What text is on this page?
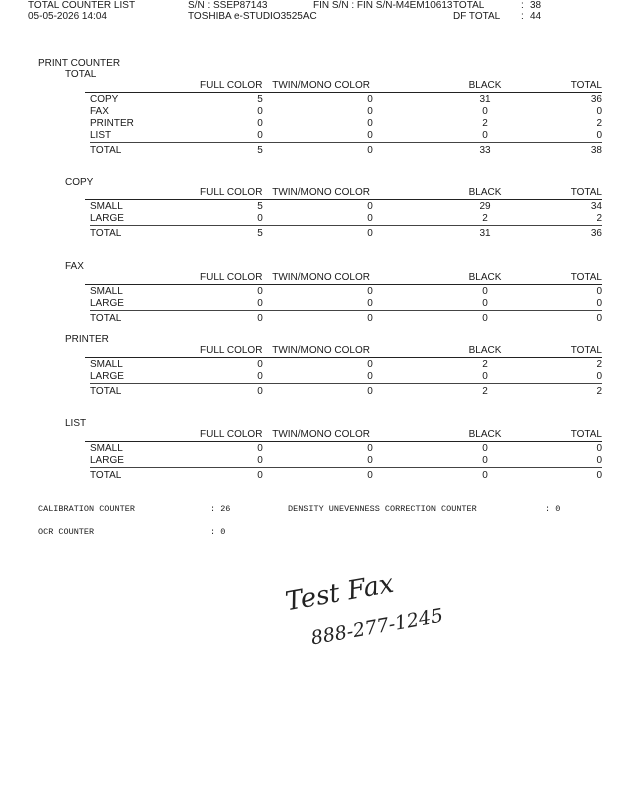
TOTAL COUNTER LIST
05-05-2026 14:04
S/N : SSEP87143
TOSHIBA e-STUDIO3525AC
FIN S/N : FIN S/N-M4EM10613 TOTAL	: 38
DF TOTAL : 44
PRINT COUNTER
TOTAL
FULL COLOR TWIN/MONO COLOR	BLACK	TOTAL
COPY	5	0	31	36
FAX	0	0	0	0
PRINTER	0	0	2	2
LIST	0	0	0	0
TOTAL	5	0	33	38
COPY
FULL COLOR TWIN/MONO COLOR	BLACK	TOTAL
SMALL	5	0	29	34
LARGE	0	0	2	2
TOTAL	5	0	31	36
FAX
FULL COLOR TWIN/MONO COLOR	BLACK	TOTAL
SMALL	0	0	0	0
LARGE	0	0	0	0
TOTAL	0	0	0	0
PRINTER
FULL COLOR TWIN/MONO COLOR	BLACK	TOTAL
SMALL	0	0	2	2
LARGE	0	0	0	0
TOTAL	0	0	2	2
LIST
FULL COLOR TWIN/MONO COLOR	BLACK	TOTAL
SMALL	0	0	0	0
LARGE	0	0	0	0
TOTAL	0	0	0	0
CALIBRATION COUNTER	: 26	DENSITY UNEVENNESS CORRECTION COUNTER	: 0
OCR COUNTER	: 0
Test Fax
888-277-1245
